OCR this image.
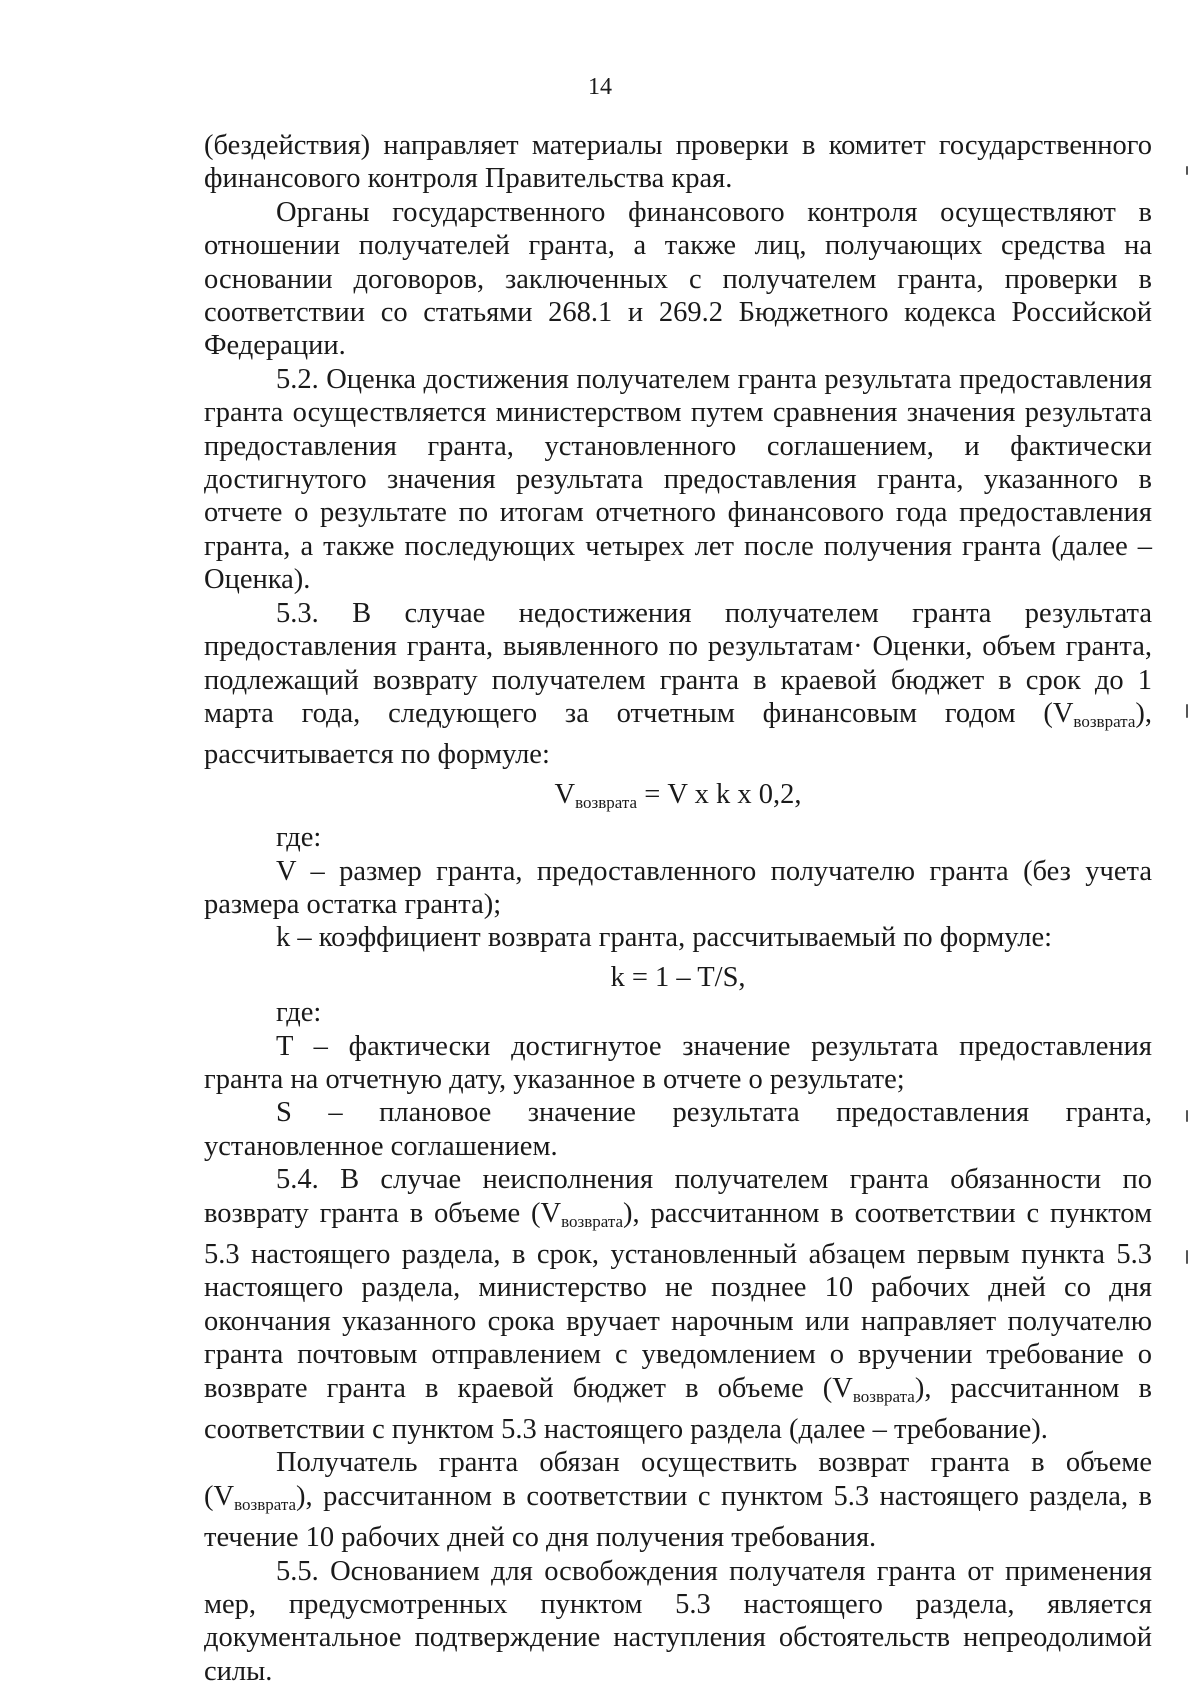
14

(бездействия) направляет материалы проверки в комитет государственного финансового контроля Правительства края.

Органы государственного финансового контроля осуществляют в отношении получателей гранта, а также лиц, получающих средства на основании договоров, заключенных с получателем гранта, проверки в соответствии со статьями 268.1 и 269.2 Бюджетного кодекса Российской Федерации.

5.2. Оценка достижения получателем гранта результата предоставления гранта осуществляется министерством путем сравнения значения результата предоставления гранта, установленного соглашением, и фактически достигнутого значения результата предоставления гранта, указанного в отчете о результате по итогам отчетного финансового года предоставления гранта, а также последующих четырех лет после получения гранта (далее – Оценка).

5.3. В случае недостижения получателем гранта результата предоставления гранта, выявленного по результатам· Оценки, объем гранта, подлежащий возврату получателем гранта в краевой бюджет в срок до 1 марта года, следующего за отчетным финансовым годом $(V_{возврата})$, рассчитывается по формуле:

$V_{возврата} = V$ x k x 0,2,

где:

V – размер гранта, предоставленного получателю гранта (без учета размера остатка гранта);

k – коэффициент возврата гранта, рассчитываемый по формуле:

k = 1 – T/S,

где:

T – фактически достигнутое значение результата предоставления гранта на отчетную дату, указанное в отчете о результате;

S – плановое значение результата предоставления гранта, установленное соглашением.

5.4. В случае неисполнения получателем гранта обязанности по возврату гранта в объеме $(V_{возврата})$, рассчитанном в соответствии с пунктом 5.3 настоящего раздела, в срок, установленный абзацем первым пункта 5.3 настоящего раздела, министерство не позднее 10 рабочих дней со дня окончания указанного срока вручает нарочным или направляет получателю гранта почтовым отправлением с уведомлением о вручении требование о возврате гранта в краевой бюджет в объеме $(V_{возврата})$, рассчитанном в соответствии с пунктом 5.3 настоящего раздела (далее – требование).

Получатель гранта обязан осуществить возврат гранта в объеме $(V_{возврата})$, рассчитанном в соответствии с пунктом 5.3 настоящего раздела, в течение 10 рабочих дней со дня получения требования.

5.5. Основанием для освобождения получателя гранта от применения мер, предусмотренных пунктом 5.3 настоящего раздела, является документальное подтверждение наступления обстоятельств непреодолимой силы.
